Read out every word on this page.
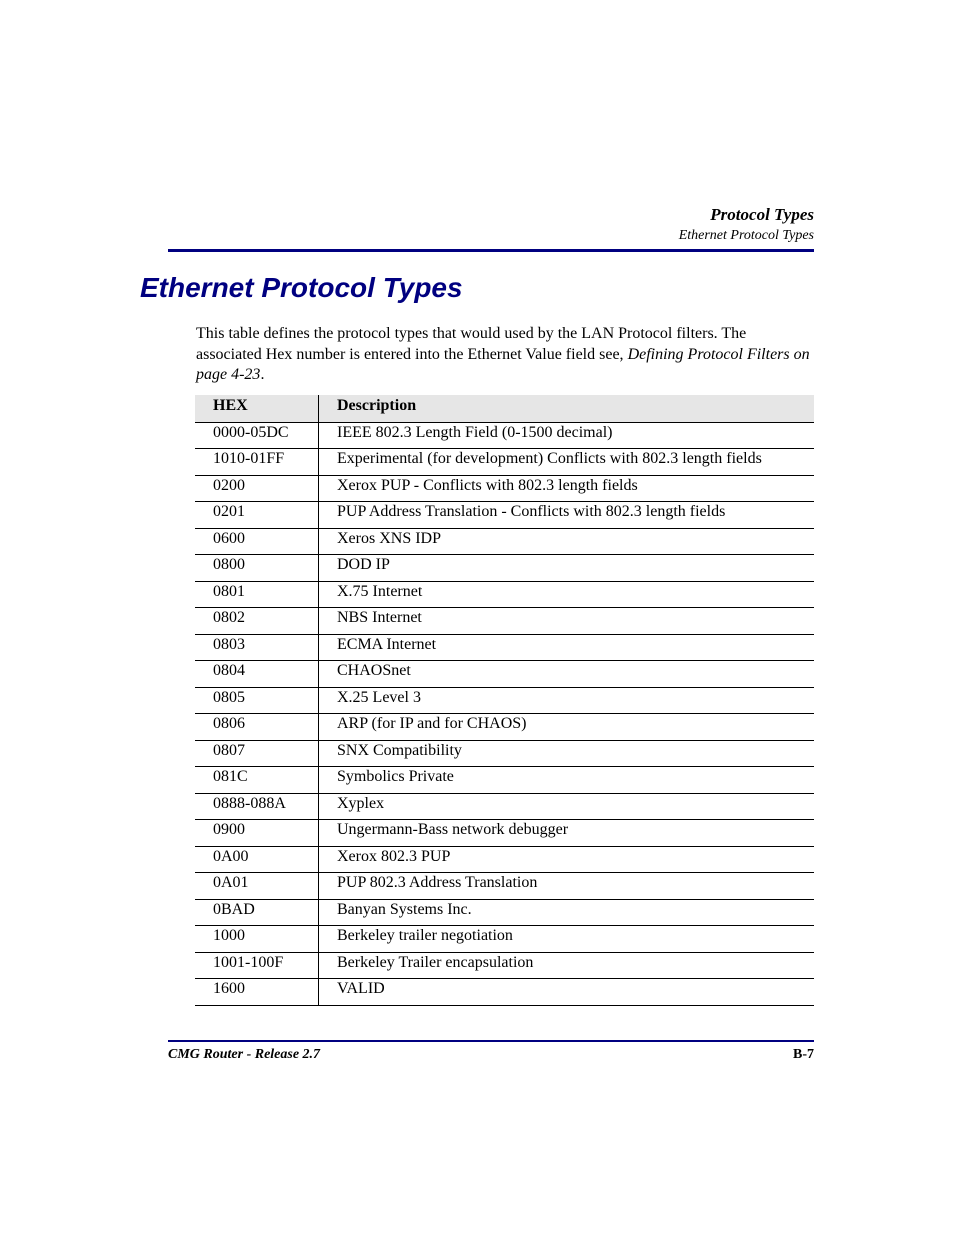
Protocol Types
Ethernet Protocol Types
Ethernet Protocol Types

This table defines the protocol types that would used by the LAN Protocol filters. The associated Hex number is entered into the Ethernet Value field see, Defining Protocol Filters on page 4-23.

HEX	Description
0000-05DC	IEEE 802.3 Length Field (0-1500 decimal)
1010-01FF	Experimental (for development) Conflicts with 802.3 length fields
0200	Xerox PUP - Conflicts with 802.3 length fields
0201	PUP Address Translation - Conflicts with 802.3 length fields
0600	Xeros XNS IDP
0800	DOD IP
0801	X.75 Internet
0802	NBS Internet
0803	ECMA Internet
0804	CHAOSnet
0805	X.25 Level 3
0806	ARP (for IP and for CHAOS)
0807	SNX Compatibility
081C	Symbolics Private
0888-088A	Xyplex
0900	Ungermann-Bass network debugger
0A00	Xerox 802.3 PUP
0A01	PUP 802.3 Address Translation
0BAD	Banyan Systems Inc.
1000	Berkeley trailer negotiation
1001-100F	Berkeley Trailer encapsulation
1600	VALID
CMG Router - Release 2.7	B-7
